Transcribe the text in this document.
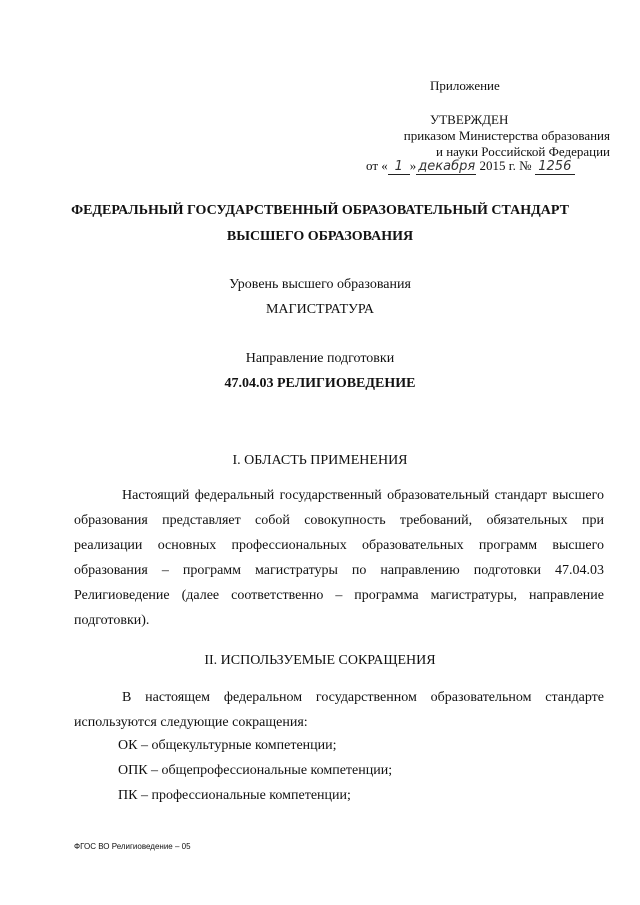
Приложение
УТВЕРЖДЕН
приказом Министерства образования
и науки Российской Федерации
от « 1 » декабря 2015 г. № 1256
ФЕДЕРАЛЬНЫЙ ГОСУДАРСТВЕННЫЙ ОБРАЗОВАТЕЛЬНЫЙ СТАНДАРТ
ВЫСШЕГО ОБРАЗОВАНИЯ
Уровень высшего образования
МАГИСТРАТУРА
Направление подготовки
47.04.03 РЕЛИГИОВЕДЕНИЕ
I. ОБЛАСТЬ ПРИМЕНЕНИЯ
Настоящий федеральный государственный образовательный стандарт высшего образования представляет собой совокупность требований, обязательных при реализации основных профессиональных образовательных программ высшего образования – программ магистратуры по направлению подготовки 47.04.03 Религиоведение (далее соответственно – программа магистратуры, направление подготовки).
II. ИСПОЛЬЗУЕМЫЕ СОКРАЩЕНИЯ
В настоящем федеральном государственном образовательном стандарте используются следующие сокращения:
ОК – общекультурные компетенции;
ОПК – общепрофессиональные компетенции;
ПК – профессиональные компетенции;
ФГОС ВО Религиоведение – 05
